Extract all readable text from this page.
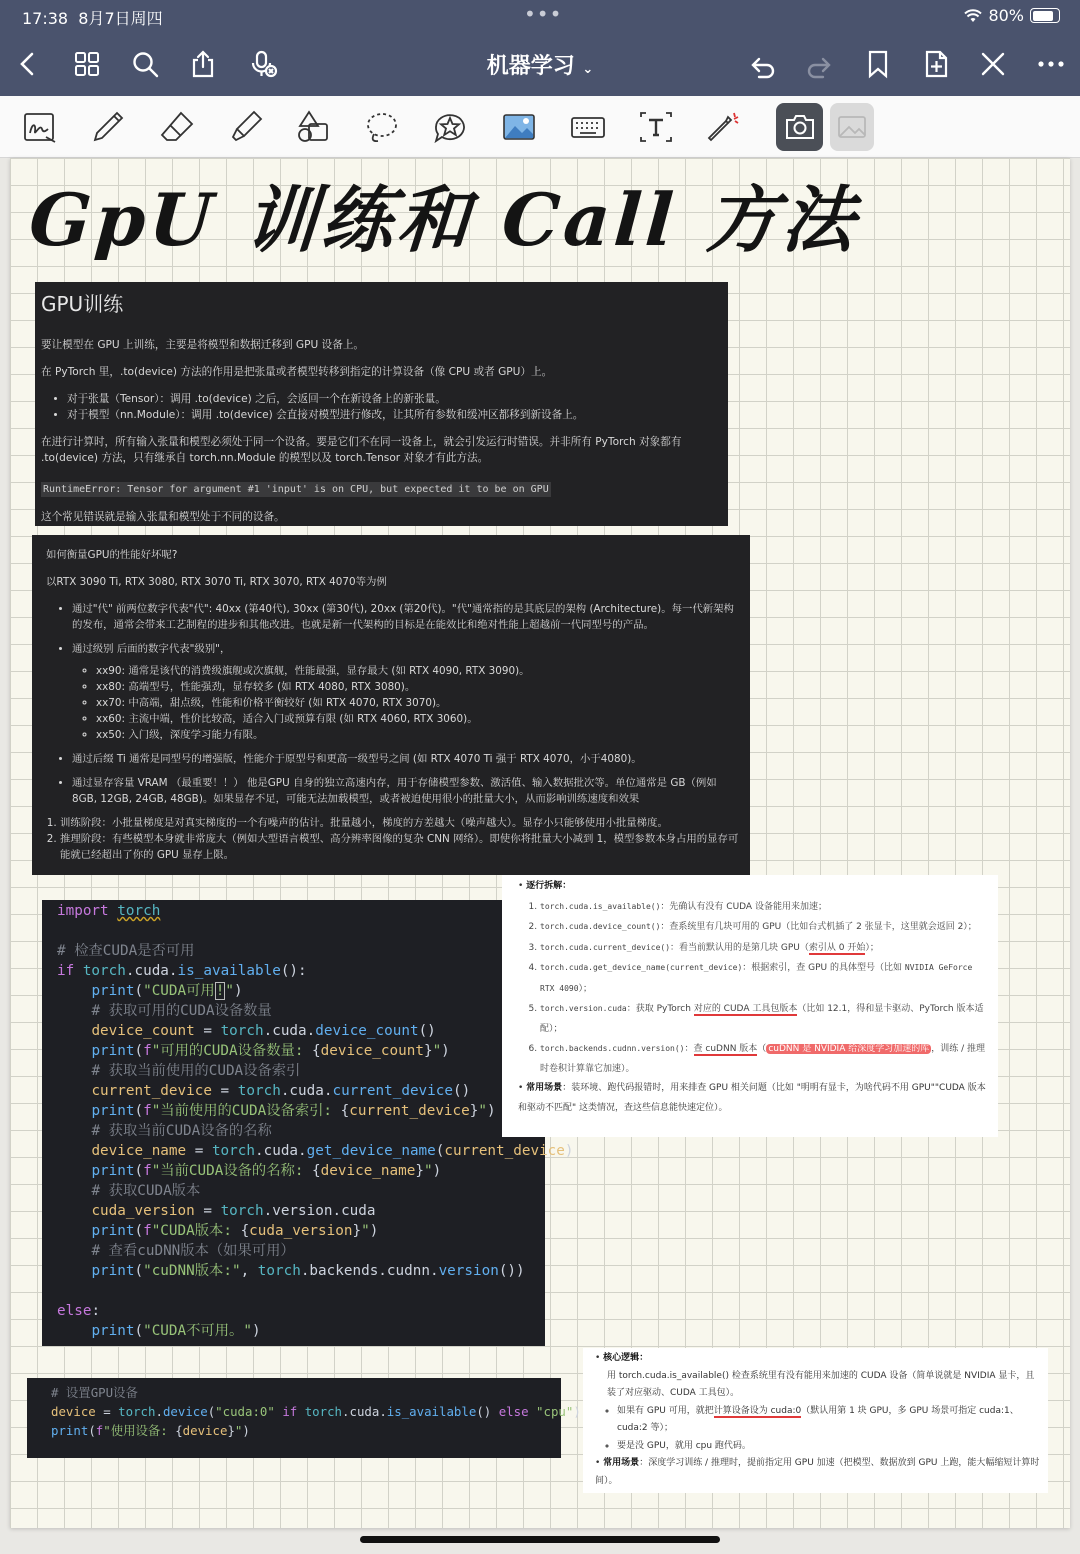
17:38 8月7日周四	•••	80%
机器学习 ⌄
GpU 训练和 Call 方法
GPU训练

要让模型在 GPU 上训练，主要是将模型和数据迁移到 GPU 设备上。

在 PyTorch 里，.to(device) 方法的作用是把张量或者模型转移到指定的计算设备（像 CPU 或者 GPU）上。

• 对于张量（Tensor）：调用 .to(device) 之后，会返回一个在新设备上的新张量。
• 对于模型（nn.Module）：调用 .to(device) 会直接对模型进行修改，让其所有参数和缓冲区都移到新设备上。

在进行计算时，所有输入张量和模型必须处于同一个设备。要是它们不在同一设备上，就会引发运行时错误。并非所有 PyTorch 对象都有 .to(device) 方法，只有继承自 torch.nn.Module 的模型以及 torch.Tensor 对象才有此方法。

RuntimeError: Tensor for argument #1 'input' is on CPU, but expected it to be on GPU

这个常见错误就是输入张量和模型处于不同的设备。

如何衡量GPU的性能好坏呢?

以RTX 3090 Ti, RTX 3080, RTX 3070 Ti, RTX 3070, RTX 4070等为例

• 通过"代" 前两位数字代表"代": 40xx (第40代), 30xx (第30代), 20xx (第20代)。"代"通常指的是其底层的架构 (Architecture)。每一代新架构的发布，通常会带来工艺制程的进步和其他改进。也就是新一代架构的目标是在能效比和绝对性能上超越前一代同型号的产品。
• 通过级别 后面的数字代表"级别"，
◦ xx90: 通常是该代的消费级旗舰或次旗舰，性能最强，显存最大 (如 RTX 4090, RTX 3090)。
◦ xx80: 高端型号，性能强劲，显存较多 (如 RTX 4080, RTX 3080)。
◦ xx70: 中高端，甜点级，性能和价格平衡较好 (如 RTX 4070, RTX 3070)。
◦ xx60: 主流中端，性价比较高，适合入门或预算有限 (如 RTX 4060, RTX 3060)。
◦ xx50: 入门级，深度学习能力有限。
• 通过后缀 Ti 通常是同型号的增强版，性能介于原型号和更高一级型号之间 (如 RTX 4070 Ti 强于 RTX 4070，小于4080)。
• 通过显存容量 VRAM （最重要！！） 他是GPU 自身的独立高速内存，用于存储模型参数、激活值、输入数据批次等。单位通常是 GB（例如 8GB, 12GB, 24GB, 48GB)。如果显存不足，可能无法加载模型，或者被迫使用很小的批量大小，从而影响训练速度和效果
1. 训练阶段：小批量梯度是对真实梯度的一个有噪声的估计。批量越小，梯度的方差越大（噪声越大）。显存小只能够使用小批量梯度。
2. 推理阶段：有些模型本身就非常庞大（例如大型语言模型、高分辨率图像的复杂 CNN 网络）。即使你将批量大小减到 1，模型参数本身占用的显存可能就已经超出了你的 GPU 显存上限。
import torch

# 检查CUDA是否可用
if torch.cuda.is_available():
print("CUDA可用!")
# 获取可用的CUDA设备数量
device_count = torch.cuda.device_count()
print(f"可用的CUDA设备数量: {device_count}")
# 获取当前使用的CUDA设备索引
current_device = torch.cuda.current_device()
print(f"当前使用的CUDA设备索引: {current_device}")
# 获取当前CUDA设备的名称
device_name = torch.cuda.get_device_name(current_device)
print(f"当前CUDA设备的名称: {device_name}")
# 获取CUDA版本
cuda_version = torch.version.cuda
print(f"CUDA版本: {cuda_version}")
# 查看cuDNN版本（如果可用）
print("cuDNN版本:", torch.backends.cudnn.version())

else:
print("CUDA不可用。")
# 设置GPU设备
device = torch.device("cuda:0" if torch.cuda.is_available() else "cpu")
print(f"使用设备: {device}")
• 逐行拆解：
1. torch.cuda.is_available()：先确认有没有 CUDA 设备能用来加速；
2. torch.cuda.device_count()：查系统里有几块可用的 GPU（比如台式机插了 2 张显卡，这里就会返回 2）；
3. torch.cuda.current_device()：看当前默认用的是第几块 GPU（索引从 0 开始）；
4. torch.cuda.get_device_name(current_device)：根据索引，查 GPU 的具体型号（比如 NVIDIA GeForce RTX 4090）；
5. torch.version.cuda：获取 PyTorch 对应的 CUDA 工具包版本（比如 12.1，得和显卡驱动、PyTorch 版本适配）；
6. torch.backends.cudnn.version()：查 cuDNN 版本（ cuDNN 是 NVIDIA 给深度学习加速的库 ，训练 / 推理时卷积计算靠它加速）。
• 常用场景：装环境、跑代码报错时，用来排查 GPU 相关问题（比如 "明明有显卡，为啥代码不用 GPU""CUDA 版本和驱动不匹配" 这类情况，查这些信息能快速定位）。
• 核心逻辑：
用 torch.cuda.is_available() 检查系统里有没有能用来加速的 CUDA 设备（简单说就是 NVIDIA 显卡，且装了对应驱动、CUDA 工具包）。
◦ 如果有 GPU 可用，就把计算设备设为 cuda:0（默认用第 1 块 GPU，多 GPU 场景可指定 cuda:1、cuda:2 等）；
◦ 要是没 GPU，就用 cpu 跑代码。
• 常用场景：深度学习训练 / 推理时，提前指定用 GPU 加速（把模型、数据放到 GPU 上跑，能大幅缩短计算时间）。
